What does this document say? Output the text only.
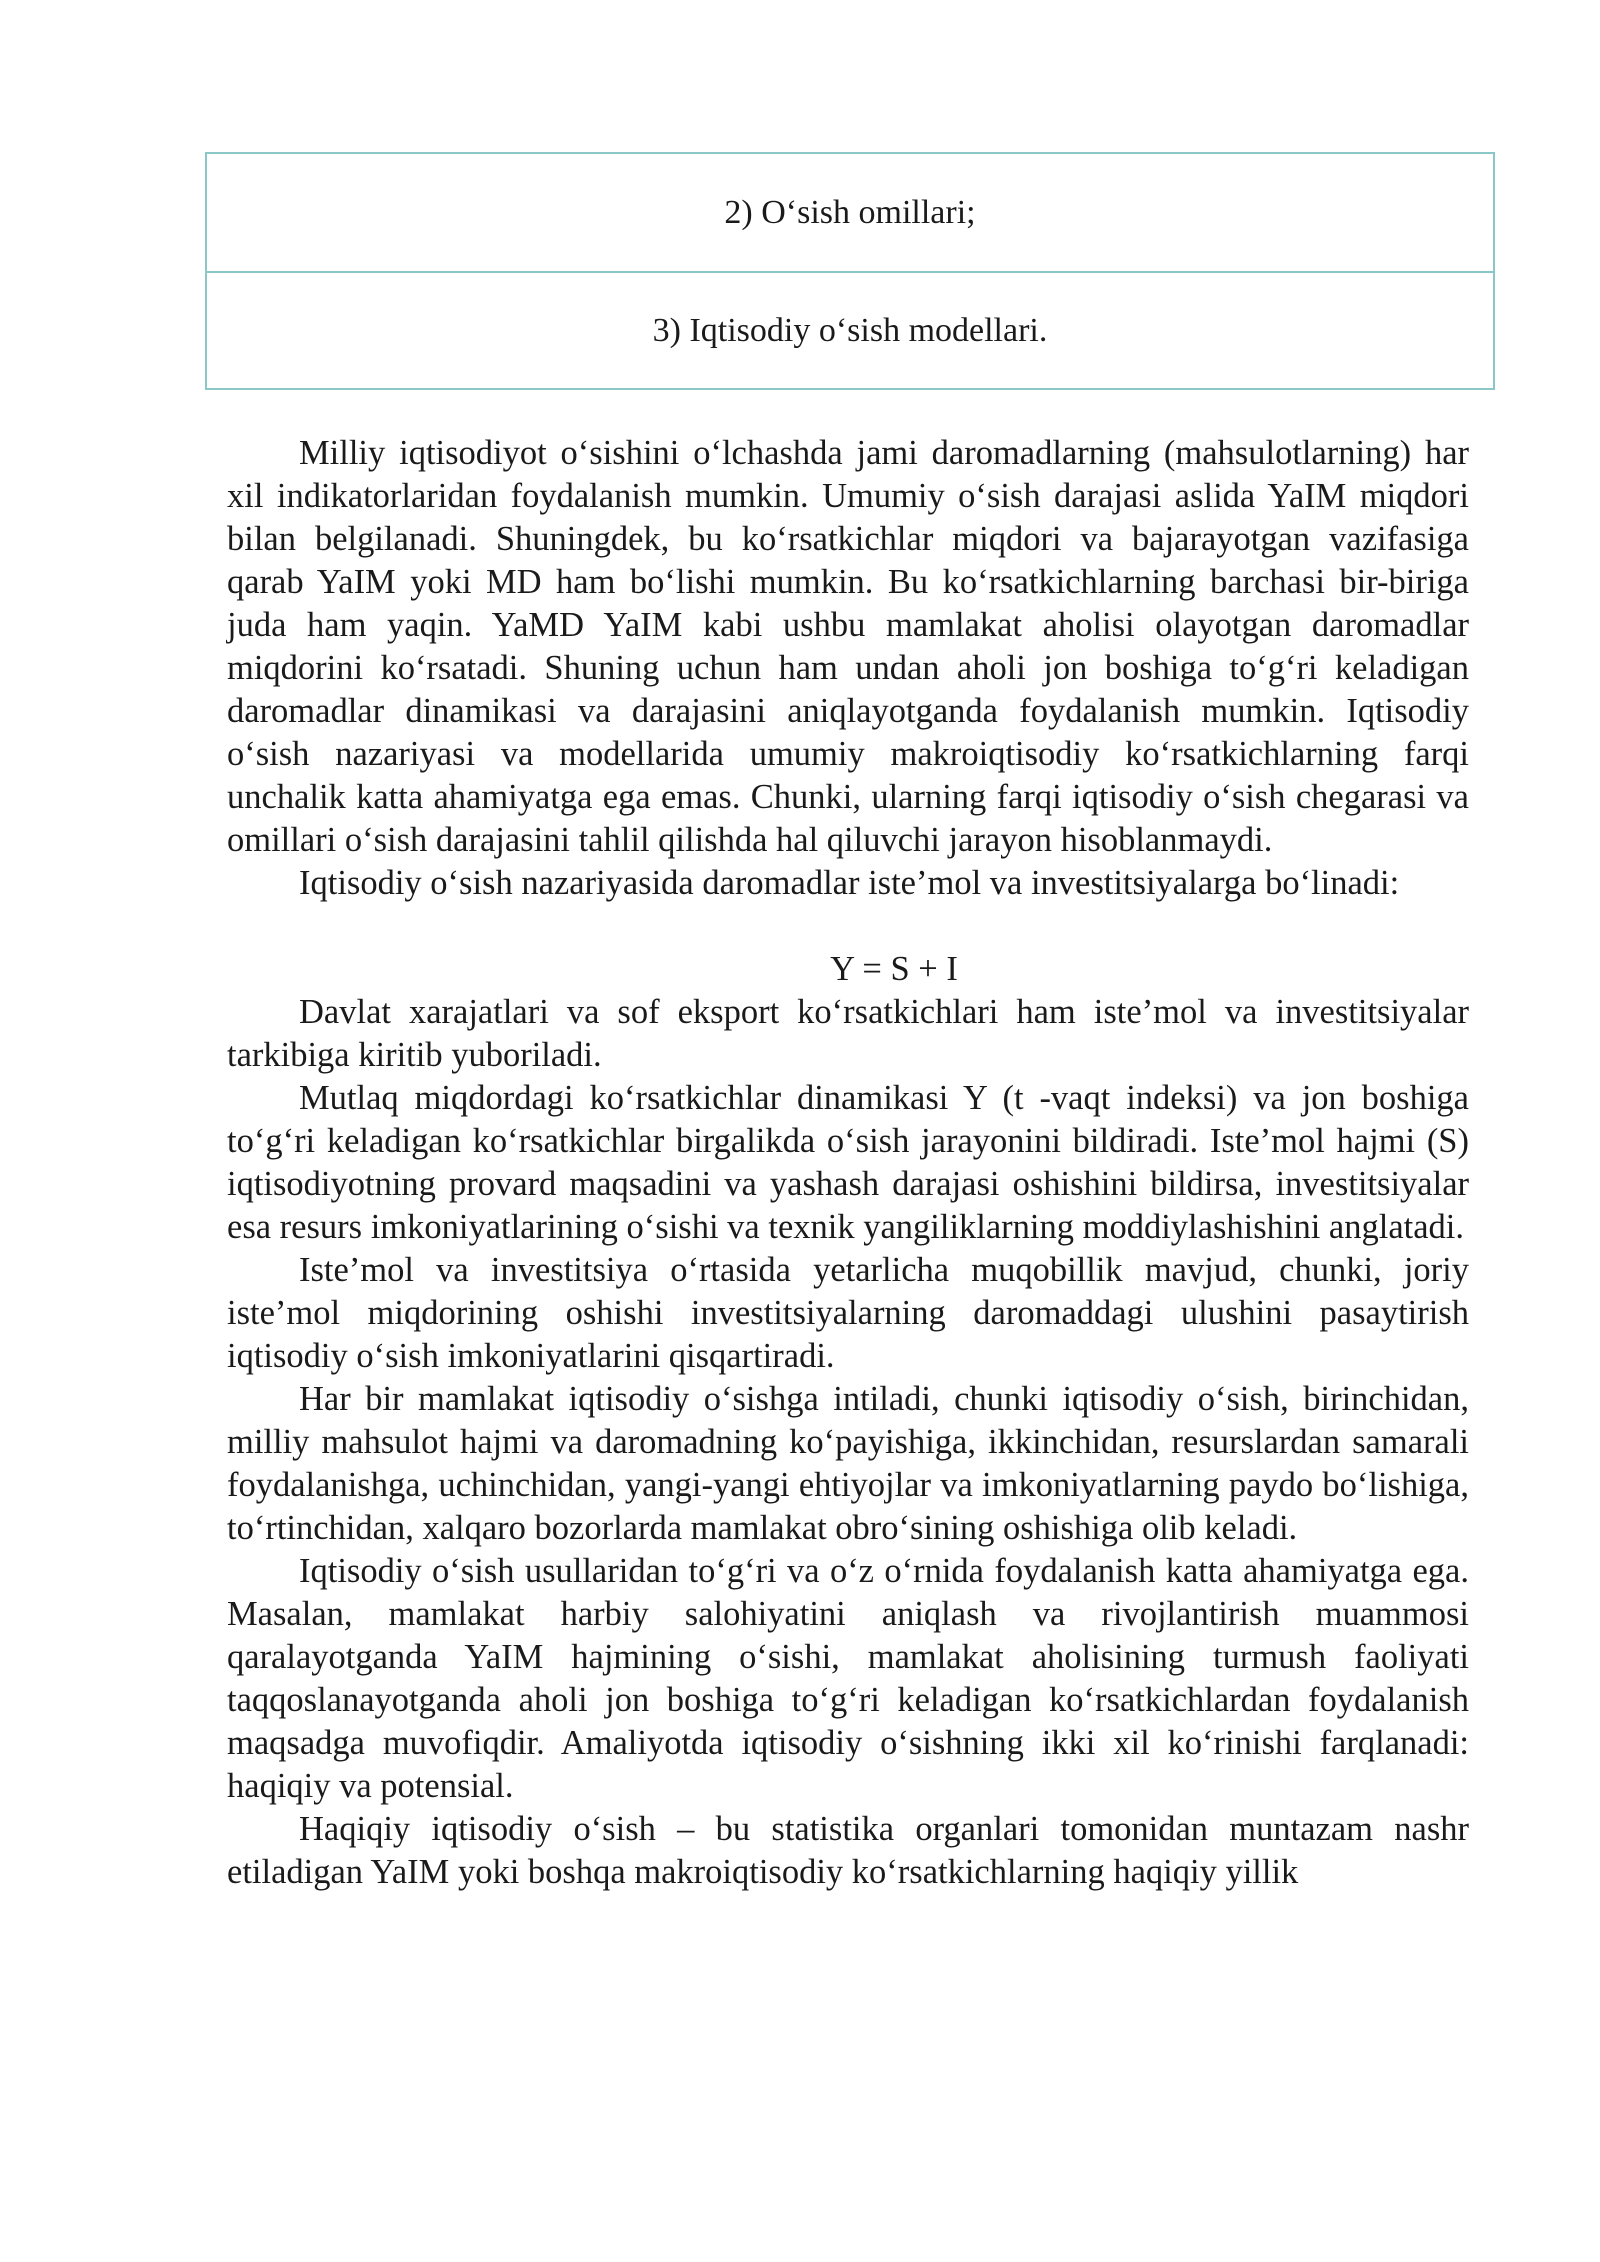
2) O‘sish omillari;
3) Iqtisodiy o‘sish modellari.

Milliy iqtisodiyot o‘sishini o‘lchashda jami daromadlarning (mahsulotlarning) har xil indikatorlaridan foydalanish mumkin. Umumiy o‘sish darajasi aslida YaIM miqdori bilan belgilanadi. Shuningdek, bu ko‘rsatkichlar miqdori va bajarayotgan vazifasiga qarab YaIM yoki MD ham bo‘lishi mumkin. Bu ko‘rsatkichlarning barchasi bir-biriga juda ham yaqin. YaMD YaIM kabi ushbu mamlakat aholisi olayotgan daromadlar miqdorini ko‘rsatadi. Shuning uchun ham undan aholi jon boshiga to‘g‘ri keladigan daromadlar dinamikasi va darajasini aniqlayotganda foydalanish mumkin. Iqtisodiy o‘sish nazariyasi va modellarida umumiy makroiqtisodiy ko‘rsatkichlarning farqi unchalik katta ahamiyatga ega emas. Chunki, ularning farqi iqtisodiy o‘sish chegarasi va omillari o‘sish darajasini tahlil qilishda hal qiluvchi jarayon hisoblanmaydi.

Iqtisodiy o‘sish nazariyasida daromadlar iste’mol va investitsiyalarga bo‘linadi:

Y = S + I

Davlat xarajatlari va sof eksport ko‘rsatkichlari ham iste’mol va investitsiyalar tarkibiga kiritib yuboriladi.

Mutlaq miqdordagi ko‘rsatkichlar dinamikasi Y (t -vaqt indeksi) va jon boshiga to‘g‘ri keladigan ko‘rsatkichlar birgalikda o‘sish jarayonini bildiradi. Iste’mol hajmi (S) iqtisodiyotning provard maqsadini va yashash darajasi oshishini bildirsa, investitsiyalar esa resurs imkoniyatlarining o‘sishi va texnik yangiliklarning moddiylashishini anglatadi.

Iste’mol va investitsiya o‘rtasida yetarlicha muqobillik mavjud, chunki, joriy iste’mol miqdorining oshishi investitsiyalarning daromaddagi ulushini pasaytirish iqtisodiy o‘sish imkoniyatlarini qisqartiradi.

Har bir mamlakat iqtisodiy o‘sishga intiladi, chunki iqtisodiy o‘sish, birinchidan, milliy mahsulot hajmi va daromadning ko‘payishiga, ikkinchidan, resurslardan samarali foydalanishga, uchinchidan, yangi-yangi ehtiyojlar va imkoniyatlarning paydo bo‘lishiga, to‘rtinchidan, xalqaro bozorlarda mamlakat obro‘sining oshishiga olib keladi.

Iqtisodiy o‘sish usullaridan to‘g‘ri va o‘z o‘rnida foydalanish katta ahamiyatga ega. Masalan, mamlakat harbiy salohiyatini aniqlash va rivojlantirish muammosi qaralayotganda YaIM hajmining o‘sishi, mamlakat aholisining turmush faoliyati taqqoslanayotganda aholi jon boshiga to‘g‘ri keladigan ko‘rsatkichlardan foydalanish maqsadga muvofiqdir. Amaliyotda iqtisodiy o‘sishning ikki xil ko‘rinishi farqlanadi: haqiqiy va potensial.

Haqiqiy iqtisodiy o‘sish – bu statistika organlari tomonidan muntazam nashr etiladigan YaIM yoki boshqa makroiqtisodiy ko‘rsatkichlarning haqiqiy yillik
